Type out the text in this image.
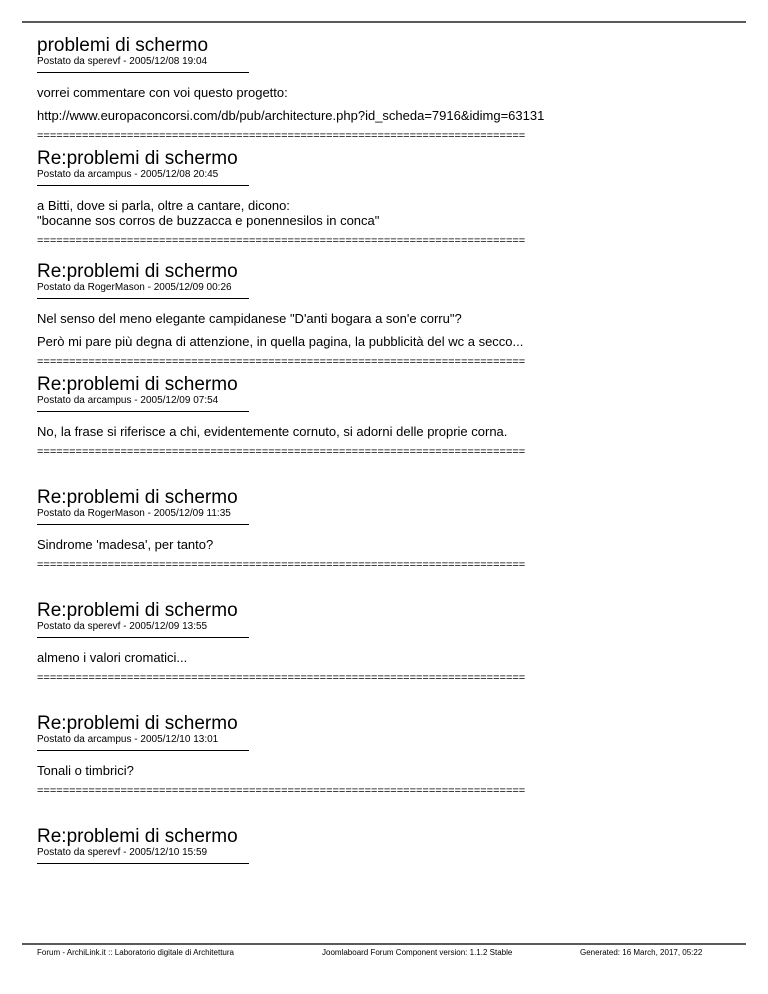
problemi di schermo
Postato da sperevf - 2005/12/08 19:04

vorrei commentare con voi questo progetto:

http://www.europaconcorsi.com/db/pub/architecture.php?id_scheda=7916&idimg=63131

============================================================================
Re:problemi di schermo
Postato da arcampus - 2005/12/08 20:45

a Bitti, dove si parla, oltre a cantare, dicono:

"bocanne sos corros de buzzacca e ponennesilos in conca"

============================================================================
Re:problemi di schermo
Postato da RogerMason - 2005/12/09 00:26

Nel senso del meno elegante campidanese "D'anti bogara a son'e corru"?

Però mi pare più degna di attenzione, in quella pagina, la pubblicità del wc a secco...

============================================================================
Re:problemi di schermo
Postato da arcampus - 2005/12/09 07:54

No, la frase si riferisce a chi, evidentemente cornuto, si adorni delle proprie corna.

============================================================================
Re:problemi di schermo
Postato da RogerMason - 2005/12/09 11:35

Sindrome 'madesa', per tanto?

============================================================================
Re:problemi di schermo
Postato da sperevf - 2005/12/09 13:55

almeno i valori cromatici...

============================================================================
Re:problemi di schermo
Postato da arcampus - 2005/12/10 13:01

Tonali o timbrici?

============================================================================
Re:problemi di schermo
Postato da sperevf - 2005/12/10 15:59
Forum - ArchiLink.it :: Laboratorio digitale di Architettura	Joomlaboard Forum Component version: 1.1.2 Stable	Generated: 16 March, 2017, 05:22
